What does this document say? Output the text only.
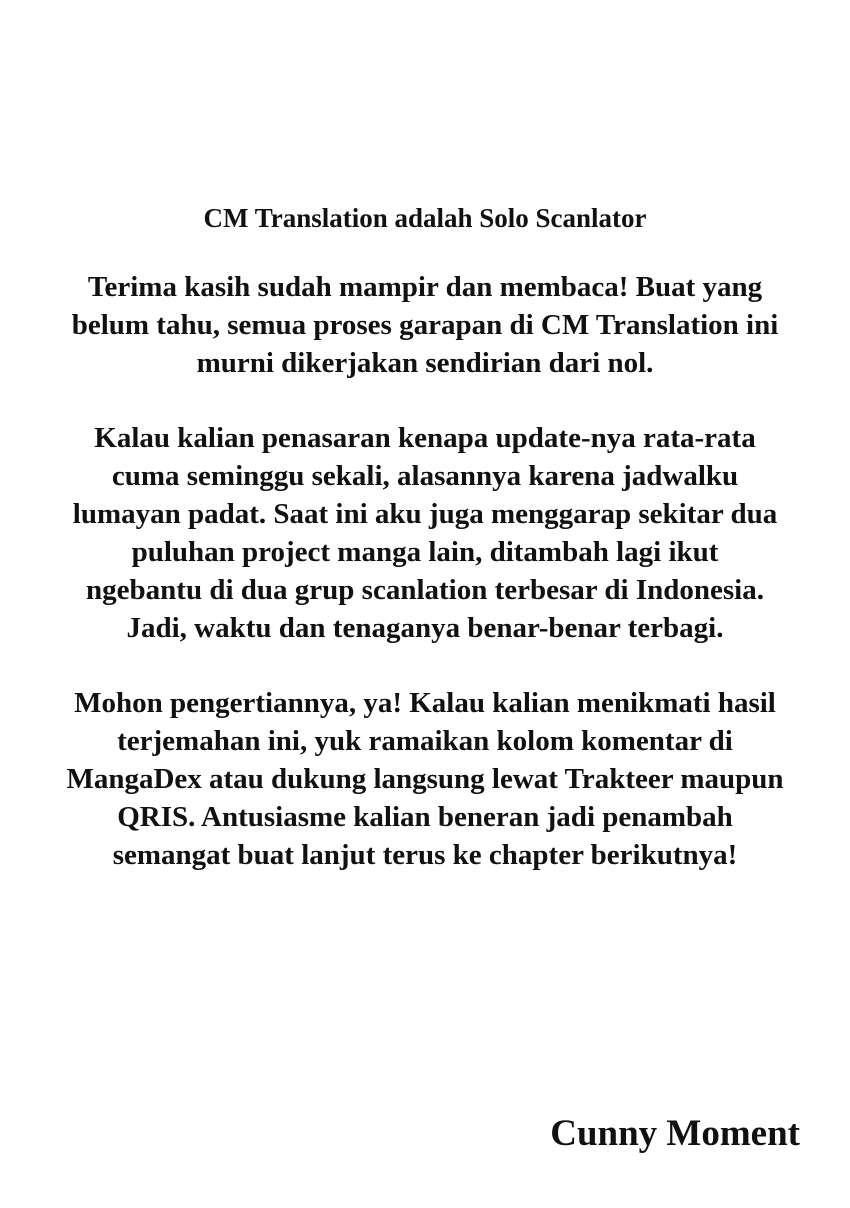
CM Translation adalah Solo Scanlator
Terima kasih sudah mampir dan membaca! Buat yang
belum tahu, semua proses garapan di CM Translation ini
murni dikerjakan sendirian dari nol.
Kalau kalian penasaran kenapa update-nya rata-rata
cuma seminggu sekali, alasannya karena jadwalku
lumayan padat. Saat ini aku juga menggarap sekitar dua
puluhan project manga lain, ditambah lagi ikut
ngebantu di dua grup scanlation terbesar di Indonesia.
Jadi, waktu dan tenaganya benar-benar terbagi.
Mohon pengertiannya, ya! Kalau kalian menikmati hasil
terjemahan ini, yuk ramaikan kolom komentar di
MangaDex atau dukung langsung lewat Trakteer maupun
QRIS. Antusiasme kalian beneran jadi penambah
semangat buat lanjut terus ke chapter berikutnya!
Cunny Moment
